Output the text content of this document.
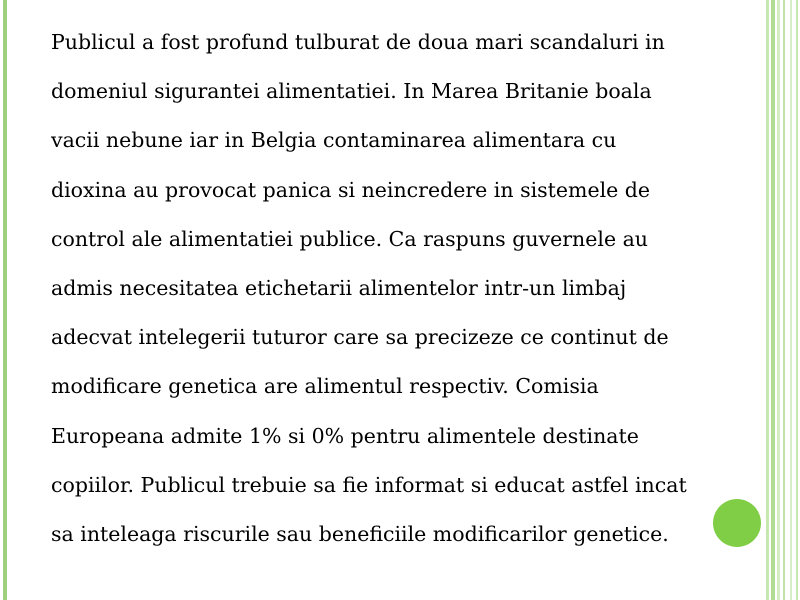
Publicul a fost profund tulburat de doua mari scandaluri in
domeniul sigurantei alimentatiei. In Marea Britanie boala
vacii nebune iar in Belgia contaminarea alimentara cu
dioxina au provocat panica si neincredere in sistemele de
control ale alimentatiei publice. Ca raspuns guvernele au
admis necesitatea etichetarii alimentelor intr-un limbaj
adecvat intelegerii tuturor care sa precizeze ce continut de
modificare genetica are alimentul respectiv. Comisia
Europeana admite 1% si 0% pentru alimentele destinate
copiilor. Publicul trebuie sa fie informat si educat astfel incat
sa inteleaga riscurile sau beneficiile modificarilor genetice.
